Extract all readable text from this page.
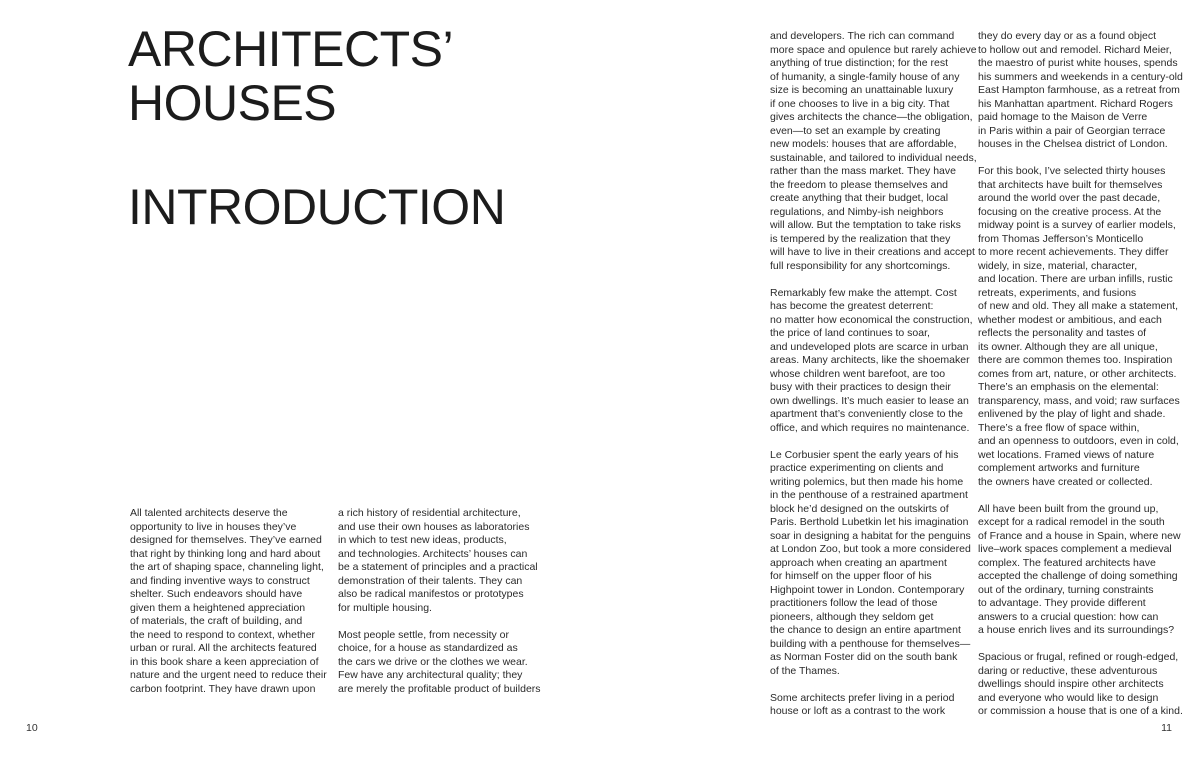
ARCHITECTS’
HOUSES
INTRODUCTION

All talented architects deserve the
opportunity to live in houses they’ve
designed for themselves. They’ve earned
that right by thinking long and hard about
the art of shaping space, channeling light,
and finding inventive ways to construct
shelter. Such endeavors should have
given them a heightened appreciation
of materials, the craft of building, and
the need to respond to context, whether
urban or rural. All the architects featured
in this book share a keen appreciation of
nature and the urgent need to reduce their
carbon footprint. They have drawn upon

a rich history of residential architecture,
and use their own houses as laboratories
in which to test new ideas, products,
and technologies. Architects’ houses can
be a statement of principles and a practical
demonstration of their talents. They can
also be radical manifestos or prototypes
for multiple housing.

Most people settle, from necessity or
choice, for a house as standardized as
the cars we drive or the clothes we wear.
Few have any architectural quality; they
are merely the profitable product of builders

10

and developers. The rich can command
more space and opulence but rarely achieve
anything of true distinction; for the rest
of humanity, a single-family house of any
size is becoming an unattainable luxury
if one chooses to live in a big city. That
gives architects the chance—the obligation,
even—to set an example by creating
new models: houses that are affordable,
sustainable, and tailored to individual needs,
rather than the mass market. They have
the freedom to please themselves and
create anything that their budget, local
regulations, and Nimby-ish neighbors
will allow. But the temptation to take risks
is tempered by the realization that they
will have to live in their creations and accept
full responsibility for any shortcomings.

Remarkably few make the attempt. Cost
has become the greatest deterrent:
no matter how economical the construction,
the price of land continues to soar,
and undeveloped plots are scarce in urban
areas. Many architects, like the shoemaker
whose children went barefoot, are too
busy with their practices to design their
own dwellings. It’s much easier to lease an
apartment that’s conveniently close to the
office, and which requires no maintenance.

Le Corbusier spent the early years of his
practice experimenting on clients and
writing polemics, but then made his home
in the penthouse of a restrained apartment
block he’d designed on the outskirts of
Paris. Berthold Lubetkin let his imagination
soar in designing a habitat for the penguins
at London Zoo, but took a more considered
approach when creating an apartment
for himself on the upper floor of his
Highpoint tower in London. Contemporary
practitioners follow the lead of those
pioneers, although they seldom get
the chance to design an entire apartment
building with a penthouse for themselves—
as Norman Foster did on the south bank
of the Thames.

Some architects prefer living in a period
house or loft as a contrast to the work

they do every day or as a found object
to hollow out and remodel. Richard Meier,
the maestro of purist white houses, spends
his summers and weekends in a century-old
East Hampton farmhouse, as a retreat from
his Manhattan apartment. Richard Rogers
paid homage to the Maison de Verre
in Paris within a pair of Georgian terrace
houses in the Chelsea district of London.

For this book, I’ve selected thirty houses
that architects have built for themselves
around the world over the past decade,
focusing on the creative process. At the
midway point is a survey of earlier models,
from Thomas Jefferson’s Monticello
to more recent achievements. They differ
widely, in size, material, character,
and location. There are urban infills, rustic
retreats, experiments, and fusions
of new and old. They all make a statement,
whether modest or ambitious, and each
reflects the personality and tastes of
its owner. Although they are all unique,
there are common themes too. Inspiration
comes from art, nature, or other architects.
There’s an emphasis on the elemental:
transparency, mass, and void; raw surfaces
enlivened by the play of light and shade.
There’s a free flow of space within,
and an openness to outdoors, even in cold,
wet locations. Framed views of nature
complement artworks and furniture
the owners have created or collected.

All have been built from the ground up,
except for a radical remodel in the south
of France and a house in Spain, where new
live–work spaces complement a medieval
complex. The featured architects have
accepted the challenge of doing something
out of the ordinary, turning constraints
to advantage. They provide different
answers to a crucial question: how can
a house enrich lives and its surroundings?

Spacious or frugal, refined or rough-edged,
daring or reductive, these adventurous
dwellings should inspire other architects
and everyone who would like to design
or commission a house that is one of a kind.

11
